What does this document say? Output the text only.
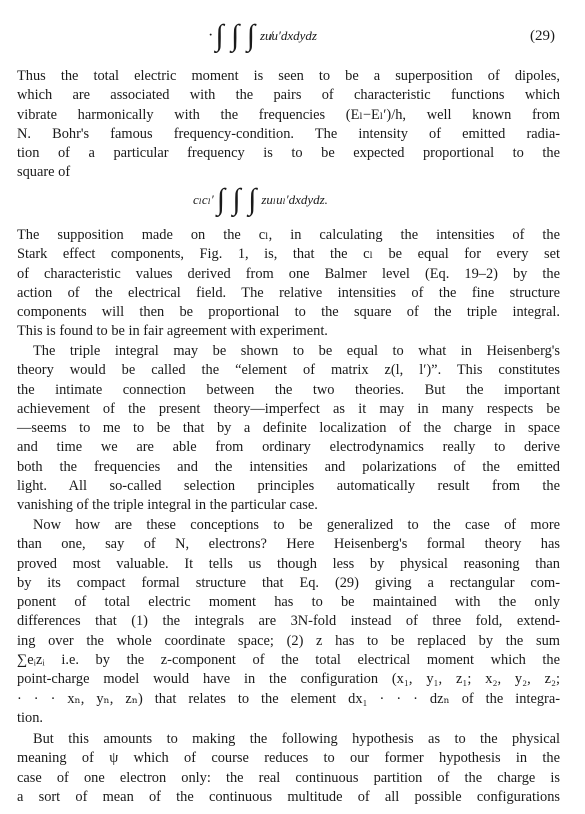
· ∫ ∫ ∫ zu̸u′dxdydz	(29)
Thus the total electric moment is seen to be a superposition of dipoles,
which are associated with the pairs of characteristic functions which
vibrate harmonically with the frequencies (Eₗ−Eₗ′)/h, well known from
N. Bohr's famous frequency-condition. The intensity of emitted radia-
tion of a particular frequency is to be expected proportional to the
square of
cₗcₗ′ ∫ ∫ ∫ zuₗuₗ′dxdydz.
The supposition made on the cₗ, in calculating the intensities of the
Stark effect components, Fig. 1, is, that the cₗ be equal for every set
of characteristic values derived from one Balmer level (Eq. 19–2) by the
action of the electrical field. The relative intensities of the fine structure
components will then be proportional to the square of the triple integral.
This is found to be in fair agreement with experiment.
The triple integral may be shown to be equal to what in Heisenberg's
theory would be called the “element of matrix z(l, l′)”. This constitutes
the intimate connection between the two theories. But the important
achievement of the present theory—imperfect as it may in many respects be
—seems to me to be that by a definite localization of the charge in space
and time we are able from ordinary electrodynamics really to derive
both the frequencies and the intensities and polarizations of the emitted
light. All so-called selection principles automatically result from the
vanishing of the triple integral in the particular case.
Now how are these conceptions to be generalized to the case of more
than one, say of N, electrons? Here Heisenberg's formal theory has
proved most valuable. It tells us though less by physical reasoning than
by its compact formal structure that Eq. (29) giving a rectangular com-
ponent of total electric moment has to be maintained with the only
differences that (1) the integrals are 3N-fold instead of three fold, extend-
ing over the whole coordinate space; (2) z has to be replaced by the sum
∑eᵢzᵢ i.e. by the z-component of the total electrical moment which the
point-charge model would have in the configuration (x₁, y₁, z₁; x₂, y₂, z₂;
· · · xₙ, yₙ, zₙ) that relates to the element dx₁ · · · dzₙ of the integra-
tion.
But this amounts to making the following hypothesis as to the physical
meaning of ψ which of course reduces to our former hypothesis in the
case of one electron only: the real continuous partition of the charge is
a sort of mean of the continuous multitude of all possible configurations
